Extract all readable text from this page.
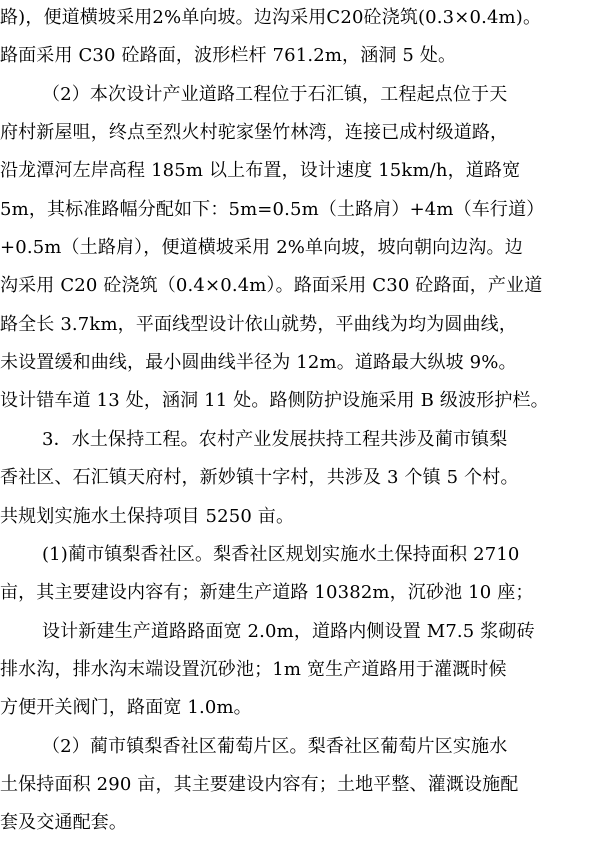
路)，便道横坡采用2%单向坡。边沟采用C20砼浇筑(0.3×0.4m)。
路面采用 C30 砼路面，波形栏杆 761.2m，涵洞 5 处。
（2）本次设计产业道路工程位于石汇镇，工程起点位于天
府村新屋咀，终点至烈火村驼家堡竹林湾，连接已成村级道路，
沿龙潭河左岸高程 185m 以上布置，设计速度 15km/h，道路宽
5m，其标准路幅分配如下：5m=0.5m（土路肩）+4m（车行道）
+0.5m（土路肩），便道横坡采用 2%单向坡，坡向朝向边沟。边
沟采用 C20 砼浇筑（0.4×0.4m）。路面采用 C30 砼路面，产业道
路全长 3.7km，平面线型设计依山就势，平曲线为均为圆曲线，
未设置缓和曲线，最小圆曲线半径为 12m。道路最大纵坡 9%。
设计错车道 13 处，涵洞 11 处。路侧防护设施采用 B 级波形护栏。
3．水土保持工程。农村产业发展扶持工程共涉及蔺市镇梨
香社区、石汇镇天府村，新妙镇十字村，共涉及 3 个镇 5 个村。
共规划实施水土保持项目 5250 亩。
(1)蔺市镇梨香社区。梨香社区规划实施水土保持面积 2710
亩，其主要建设内容有；新建生产道路 10382m，沉砂池 10 座；
设计新建生产道路路面宽 2.0m，道路内侧设置 M7.5 浆砌砖
排水沟，排水沟末端设置沉砂池；1m 宽生产道路用于灌溉时候
方便开关阀门，路面宽 1.0m。
（2）蔺市镇梨香社区葡萄片区。梨香社区葡萄片区实施水
土保持面积 290 亩，其主要建设内容有；土地平整、灌溉设施配
套及交通配套。
